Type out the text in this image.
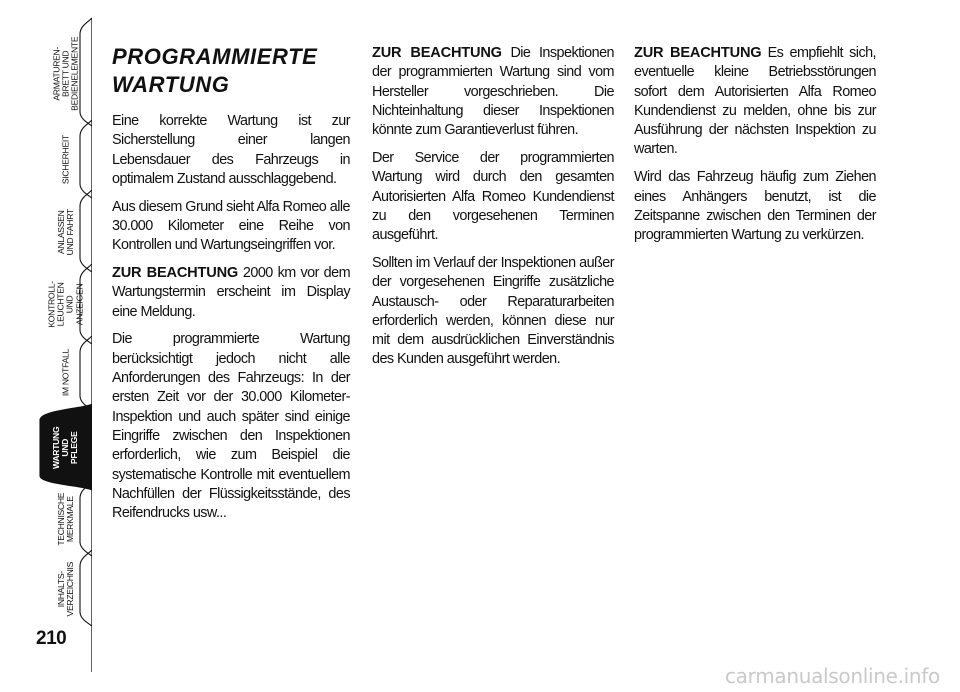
ARMATUREN-
BRETT UND
BEDIENELEMENTE
SICHERHEIT
ANLASSEN
UND FAHRT
KONTROLL-
LEUCHTEN
UND ANZEIGEN
IM NOTFALL
WARTUNG
UND PFLEGE
TECHNISCHE
MERKMALE
INHALTS-
VERZEICHNIS
210
PROGRAMMIERTE WARTUNG

Eine korrekte Wartung ist zur Sicherstellung einer langen Lebensdauer des Fahrzeugs in optimalem Zustand ausschlaggebend.

Aus diesem Grund sieht Alfa Romeo alle 30.000 Kilometer eine Reihe von Kontrollen und Wartungseingriffen vor.

ZUR BEACHTUNG 2000 km vor dem Wartungstermin erscheint im Display eine Meldung.

Die programmierte Wartung berücksichtigt jedoch nicht alle Anforderungen des Fahrzeugs: In der ersten Zeit vor der 30.000 Kilometer-Inspektion und auch später sind einige Eingriffe zwischen den Inspektionen erforderlich, wie zum Beispiel die systematische Kontrolle mit eventuellem Nachfüllen der Flüssigkeitsstände, des Reifendrucks usw...

ZUR BEACHTUNG Die Inspektionen der programmierten Wartung sind vom Hersteller vorgeschrieben. Die Nichteinhaltung dieser Inspektionen könnte zum Garantieverlust führen.

Der Service der programmierten Wartung wird durch den gesamten Autorisierten Alfa Romeo Kundendienst zu den vorgesehenen Terminen ausgeführt.

Sollten im Verlauf der Inspektionen außer der vorgesehenen Eingriffe zusätzliche Austausch- oder Reparaturarbeiten erforderlich werden, können diese nur mit dem ausdrücklichen Einverständnis des Kunden ausgeführt werden.

ZUR BEACHTUNG Es empfiehlt sich, eventuelle kleine Betriebsstörungen sofort dem Autorisierten Alfa Romeo Kundendienst zu melden, ohne bis zur Ausführung der nächsten Inspektion zu warten.

Wird das Fahrzeug häufig zum Ziehen eines Anhängers benutzt, ist die Zeitspanne zwischen den Terminen der programmierten Wartung zu verkürzen.

carmanualsonline.info
